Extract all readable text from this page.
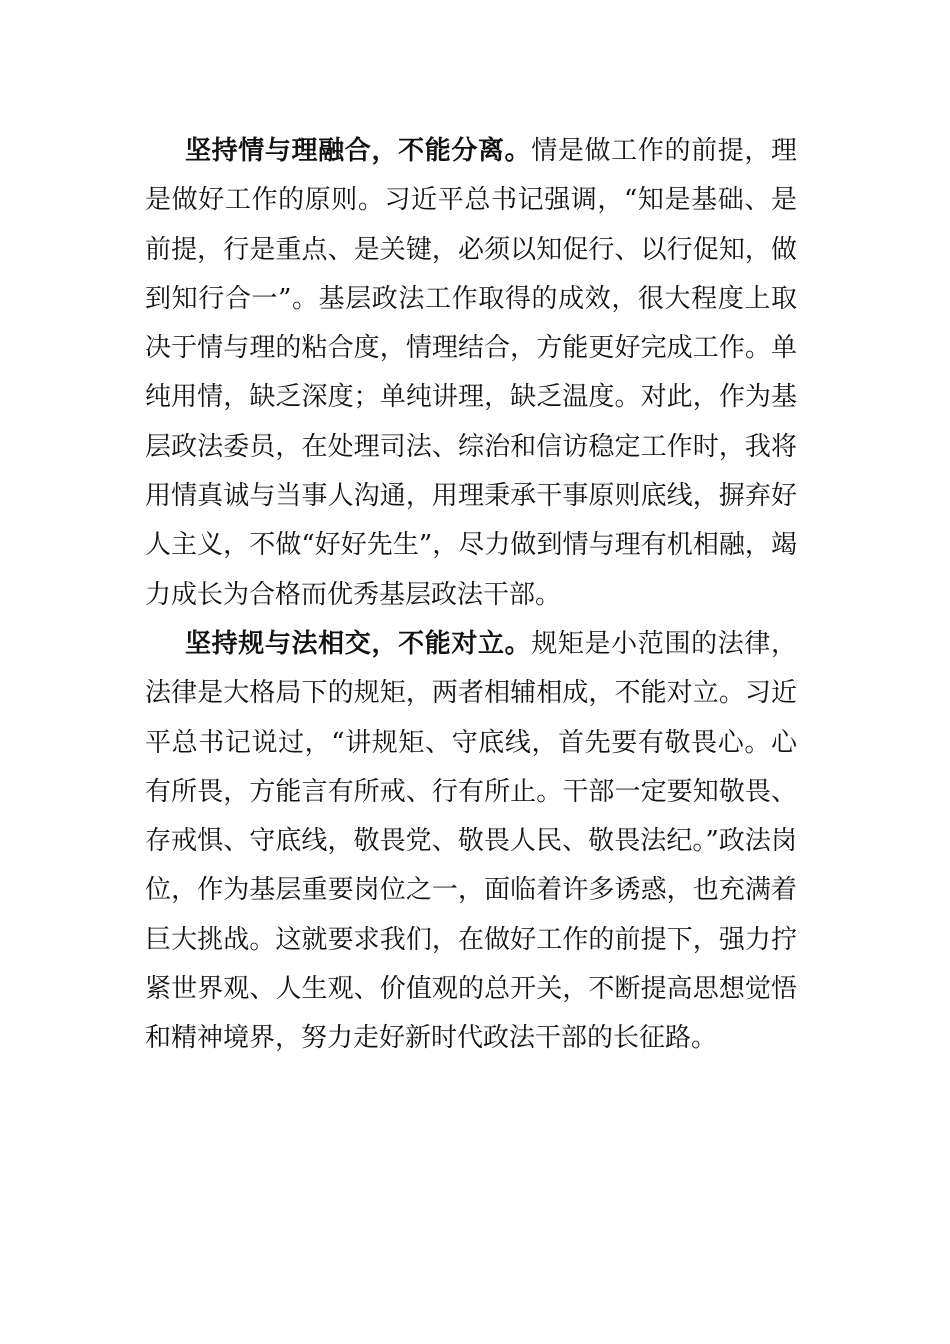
坚持情与理融合，不能分离。情是做工作的前提，理是做好工作的原则。习近平总书记强调，“知是基础、是前提，行是重点、是关键，必须以知促行、以行促知，做到知行合一”。基层政法工作取得的成效，很大程度上取决于情与理的粘合度，情理结合，方能更好完成工作。单纯用情，缺乏深度；单纯讲理，缺乏温度。对此，作为基层政法委员，在处理司法、综治和信访稳定工作时，我将用情真诚与当事人沟通，用理秉承干事原则底线，摒弃好人主义，不做“好好先生”，尽力做到情与理有机相融，竭力成长为合格而优秀基层政法干部。

坚持规与法相交，不能对立。规矩是小范围的法律，法律是大格局下的规矩，两者相辅相成，不能对立。习近平总书记说过，“讲规矩、守底线，首先要有敬畏心。心有所畏，方能言有所戒、行有所止。干部一定要知敬畏、存戒惧、守底线，敬畏党、敬畏人民、敬畏法纪。”政法岗位，作为基层重要岗位之一，面临着许多诱惑，也充满着巨大挑战。这就要求我们，在做好工作的前提下，强力拧紧世界观、人生观、价值观的总开关，不断提高思想觉悟和精神境界，努力走好新时代政法干部的长征路。
